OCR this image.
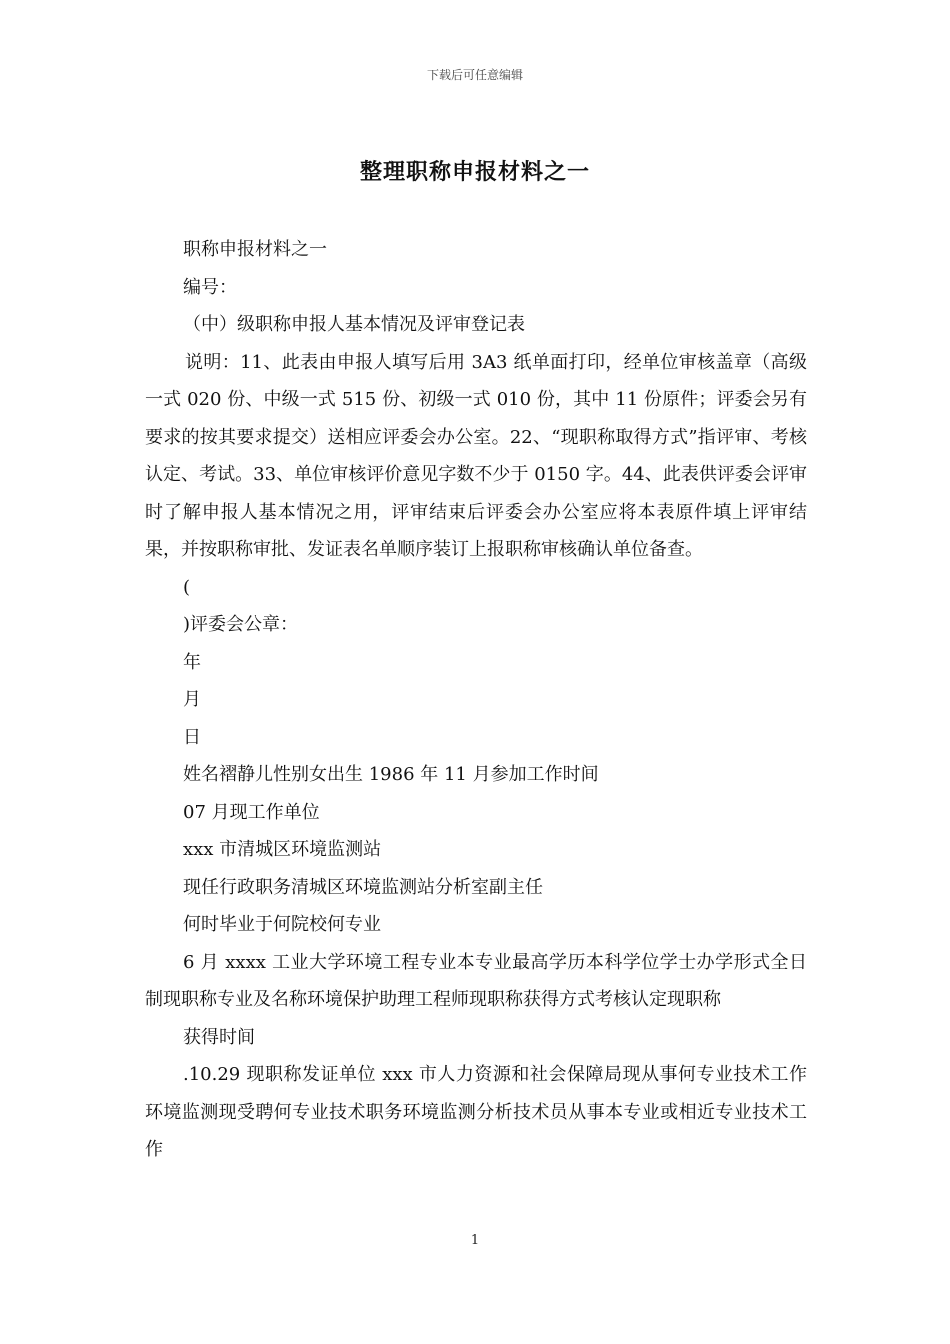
下载后可任意编辑
整理职称申报材料之一

职称申报材料之一

编号：

（中）级职称申报人基本情况及评审登记表

说明：11、此表由申报人填写后用 3A3 纸单面打印，经单位审核盖章（高级一式 020 份、中级一式 515 份、初级一式 010 份，其中 11 份原件；评委会另有要求的按其要求提交）送相应评委会办公室。22、“现职称取得方式”指评审、考核认定、考试。33、单位审核评价意见字数不少于 0150 字。44、此表供评委会评审时了解申报人基本情况之用，评审结束后评委会办公室应将本表原件填上评审结果，并按职称审批、发证表名单顺序装订上报职称审核确认单位备查。

(

)评委会公章：

年

月

日

姓名褶静儿性别女出生 1986 年 11 月参加工作时间

07 月现工作单位

xxx 市清城区环境监测站

现任行政职务清城区环境监测站分析室副主任

何时毕业于何院校何专业

6 月 xxxx 工业大学环境工程专业本专业最高学历本科学位学士办学形式全日制现职称专业及名称环境保护助理工程师现职称获得方式考核认定现职称

获得时间

.10.29 现职称发证单位 xxx 市人力资源和社会保障局现从事何专业技术工作环境监测现受聘何专业技术职务环境监测分析技术员从事本专业或相近专业技术工作

1
